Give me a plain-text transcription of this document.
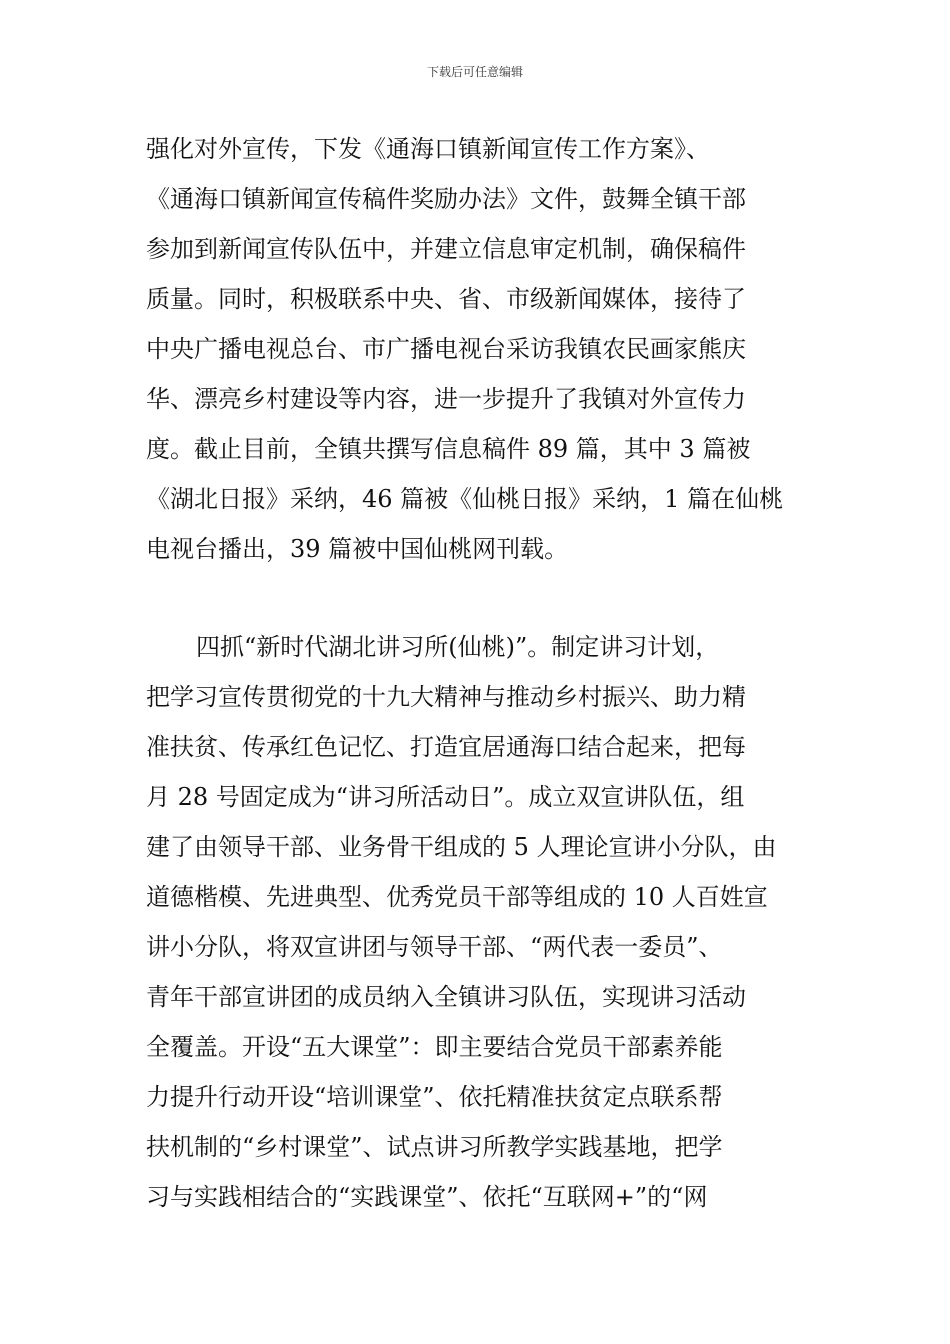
下载后可任意编辑
强化对外宣传，下发《通海口镇新闻宣传工作方案》、
《通海口镇新闻宣传稿件奖励办法》文件，鼓舞全镇干部
参加到新闻宣传队伍中，并建立信息审定机制，确保稿件
质量。同时，积极联系中央、省、市级新闻媒体，接待了
中央广播电视总台、市广播电视台采访我镇农民画家熊庆
华、漂亮乡村建设等内容，进一步提升了我镇对外宣传力
度。截止目前，全镇共撰写信息稿件 89 篇，其中 3 篇被
《湖北日报》采纳，46 篇被《仙桃日报》采纳，1 篇在仙桃
电视台播出，39 篇被中国仙桃网刊载。
四抓“新时代湖北讲习所(仙桃)”。制定讲习计划，
把学习宣传贯彻党的十九大精神与推动乡村振兴、助力精
准扶贫、传承红色记忆、打造宜居通海口结合起来，把每
月 28 号固定成为“讲习所活动日”。成立双宣讲队伍，组
建了由领导干部、业务骨干组成的 5 人理论宣讲小分队，由
道德楷模、先进典型、优秀党员干部等组成的 10 人百姓宣
讲小分队，将双宣讲团与领导干部、“两代表一委员”、
青年干部宣讲团的成员纳入全镇讲习队伍，实现讲习活动
全覆盖。开设“五大课堂”：即主要结合党员干部素养能
力提升行动开设“培训课堂”、依托精准扶贫定点联系帮
扶机制的“乡村课堂”、试点讲习所教学实践基地，把学
习与实践相结合的“实践课堂”、依托“互联网+”的“网
